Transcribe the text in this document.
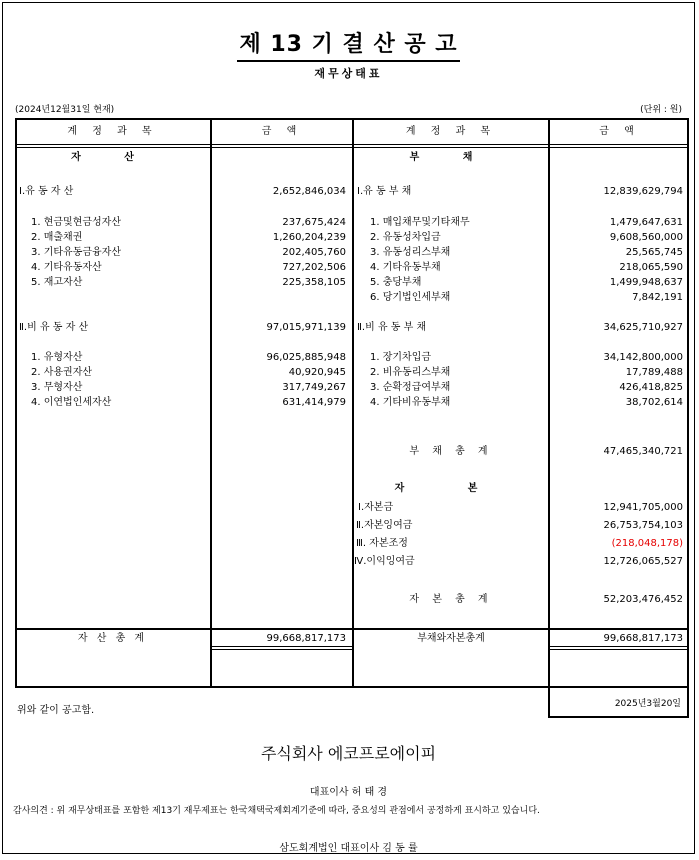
제 13 기 결 산 공 고
재무상태표
(2024년12월31일 현재)	(단위 : 원)
계 정 과 목	금 액	계 정 과 목	금 액
자 산
Ⅰ.유 동 자 산	2,652,846,034
1. 현금및현금성자산	237,675,424
2. 매출채권	1,260,204,239
3. 기타유동금융자산	202,405,760
4. 기타유동자산	727,202,506
5. 재고자산	225,358,105
Ⅱ.비 유 동 자 산	97,015,971,139
1. 유형자산	96,025,885,948
2. 사용권자산	40,920,945
3. 무형자산	317,749,267
4. 이연법인세자산	631,414,979
부 채
Ⅰ.유 동 부 채	12,839,629,794
1. 매입채무및기타채무	1,479,647,631
2. 유동성차입금	9,608,560,000
3. 유동성리스부채	25,565,745
4. 기타유동부채	218,065,590
5. 충당부채	1,499,948,637
6. 당기법인세부채	7,842,191
Ⅱ.비 유 동 부 채	34,625,710,927
1. 장기차입금	34,142,800,000
2. 비유동리스부채	17,789,488
3. 순확정급여부채	426,418,825
4. 기타비유동부채	38,702,614
부 채 총 계	47,465,340,721
자 본
Ⅰ.자본금	12,941,705,000
Ⅱ.자본잉여금	26,753,754,103
Ⅲ. 자본조정	(218,048,178)
Ⅳ.이익잉여금	12,726,065,527
자 본 총 계	52,203,476,452
자 산 총 계	99,668,817,173	부채와자본총계	99,668,817,173
위와 같이 공고함.
2025년3월20일
주식회사 에코프로에이피
대표이사 허 태 경
감사의견 : 위 재무상태표를 포함한 제13기 재무제표는 한국채택국제회계기준에 따라, 중요성의 관점에서 공정하게 표시하고 있습니다.
삼도회계법인 대표이사 김 동 률
